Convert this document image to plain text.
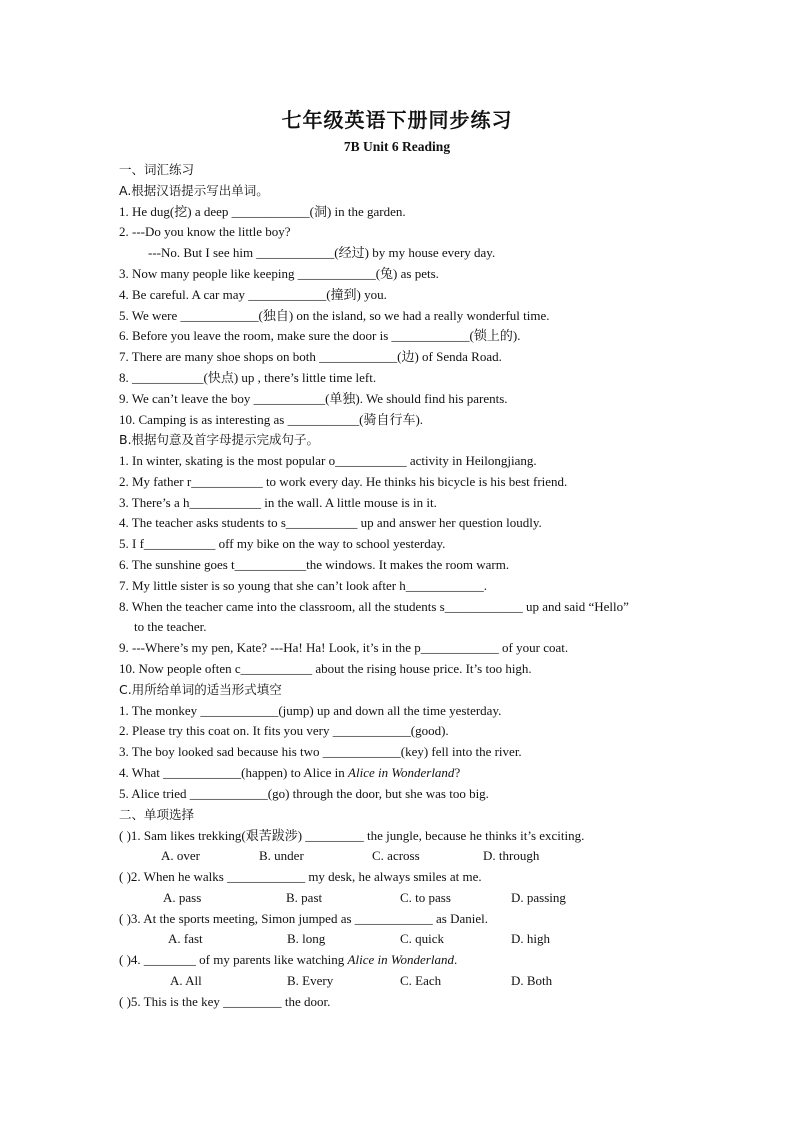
七年级英语下册同步练习
7B Unit 6 Reading
一、词汇练习
A.根据汉语提示写出单词。
1. He dug(挖) a deep ____________(洞) in the garden.
2. ---Do you know the little boy?
---No. But I see him ____________(经过) by my house every day.
3. Now many people like keeping ____________(兔) as pets.
4. Be careful. A car may ____________(撞到) you.
5. We were ____________(独自) on the island, so we had a really wonderful time.
6. Before you leave the room, make sure the door is ____________(锁上的).
7. There are many shoe shops on both ____________(边) of Senda Road.
8. ___________(快点) up , there’s little time left.
9. We can’t leave the boy ___________(单独). We should find his parents.
10. Camping is as interesting as ___________(骑自行车).
B.根据句意及首字母提示完成句子。
1. In winter, skating is the most popular o___________ activity in Heilongjiang.
2. My father r___________ to work every day. He thinks his bicycle is his best friend.
3. There’s a h___________ in the wall. A little mouse is in it.
4. The teacher asks students to s___________ up and answer her question loudly.
5. I f___________ off my bike on the way to school yesterday.
6. The sunshine goes t___________the windows. It makes the room warm.
7. My little sister is so young that she can’t look after h____________.
8. When the teacher came into the classroom, all the students s____________ up and said “Hello”
to the teacher.
9. ---Where’s my pen, Kate? ---Ha! Ha! Look, it’s in the p____________ of your coat.
10. Now people often c___________ about the rising house price. It’s too high.
C.用所给单词的适当形式填空
1. The monkey ____________(jump) up and down all the time yesterday.
2. Please try this coat on. It fits you very ____________(good).
3. The boy looked sad because his two ____________(key) fell into the river.
4. What ____________(happen) to Alice in Alice in Wonderland?
5. Alice tried ____________(go) through the door, but she was too big.
二、单项选择
( )1. Sam likes trekking(艰苦跋涉) _________ the jungle, because he thinks it’s exciting.
A. over	B. under	C. across	D. through
( )2. When he walks ____________ my desk, he always smiles at me.
A. pass	B. past	C. to pass	D. passing
( )3. At the sports meeting, Simon jumped as ____________ as Daniel.
A. fast	B. long	C. quick	D. high
( )4. ________ of my parents like watching Alice in Wonderland.
A. All	B. Every	C. Each	D. Both
( )5. This is the key _________ the door.
